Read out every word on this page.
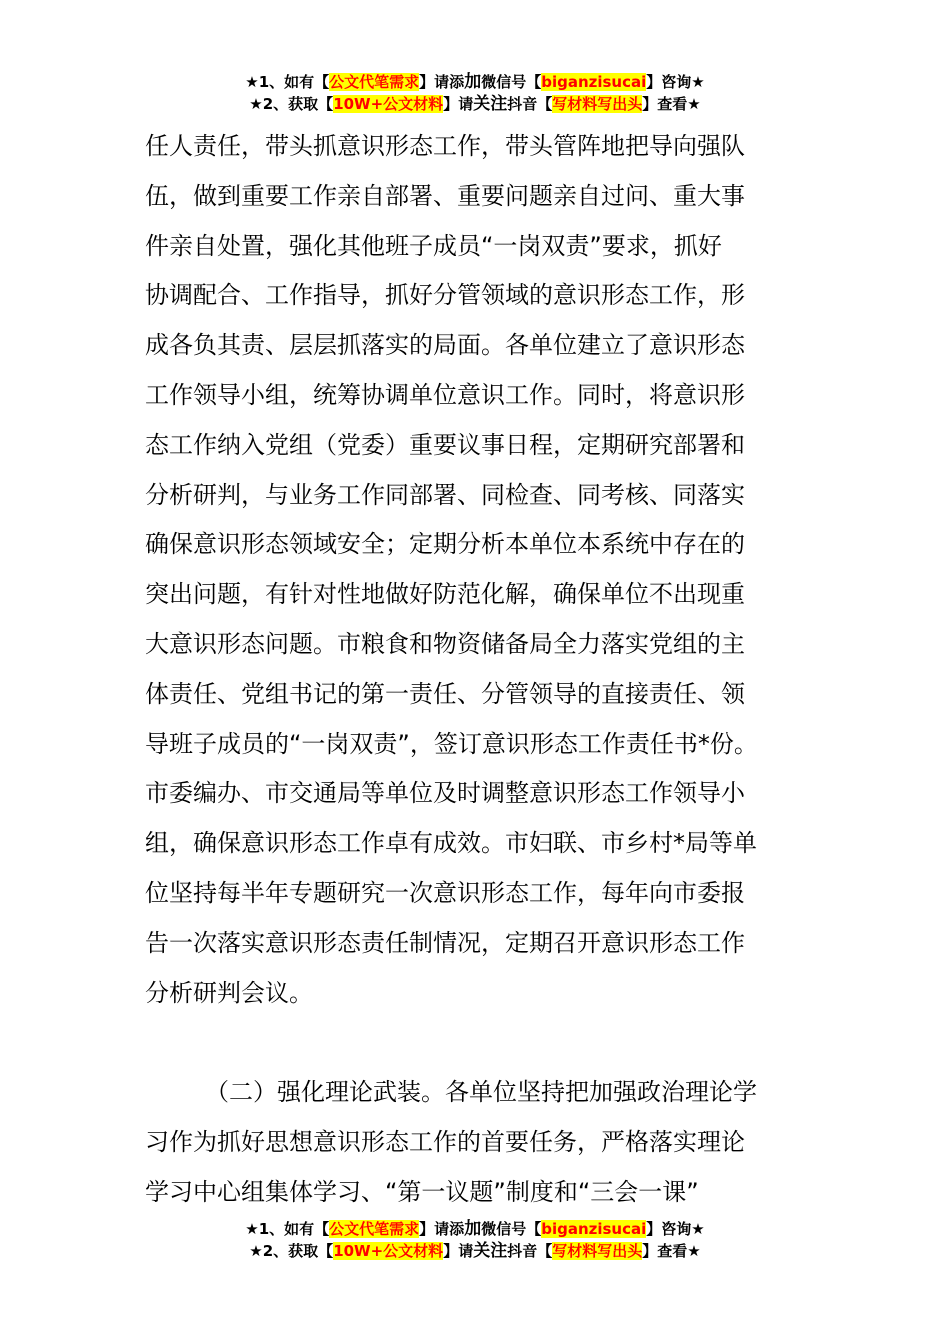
★1、如有【公文代笔需求】请添加微信号【biganzisucai】咨询★
★2、获取【10W+公文材料】请关注抖音【写材料写出头】查看★
任人责任，带头抓意识形态工作，带头管阵地把导向强队
伍，做到重要工作亲自部署、重要问题亲自过问、重大事
件亲自处置，强化其他班子成员“一岗双责”要求，抓好
协调配合、工作指导，抓好分管领域的意识形态工作，形
成各负其责、层层抓落实的局面。各单位建立了意识形态
工作领导小组，统筹协调单位意识工作。同时，将意识形
态工作纳入党组（党委）重要议事日程，定期研究部署和
分析研判，与业务工作同部署、同检查、同考核、同落实
确保意识形态领域安全；定期分析本单位本系统中存在的
突出问题，有针对性地做好防范化解，确保单位不出现重
大意识形态问题。市粮食和物资储备局全力落实党组的主
体责任、党组书记的第一责任、分管领导的直接责任、领
导班子成员的“一岗双责”，签订意识形态工作责任书*份。
市委编办、市交通局等单位及时调整意识形态工作领导小
组，确保意识形态工作卓有成效。市妇联、市乡村*局等单
位坚持每半年专题研究一次意识形态工作，每年向市委报
告一次落实意识形态责任制情况，定期召开意识形态工作
分析研判会议。
（二）强化理论武装。各单位坚持把加强政治理论学
习作为抓好思想意识形态工作的首要任务，严格落实理论
学习中心组集体学习、“第一议题”制度和“三会一课”
★1、如有【公文代笔需求】请添加微信号【biganzisucai】咨询★
★2、获取【10W+公文材料】请关注抖音【写材料写出头】查看★
